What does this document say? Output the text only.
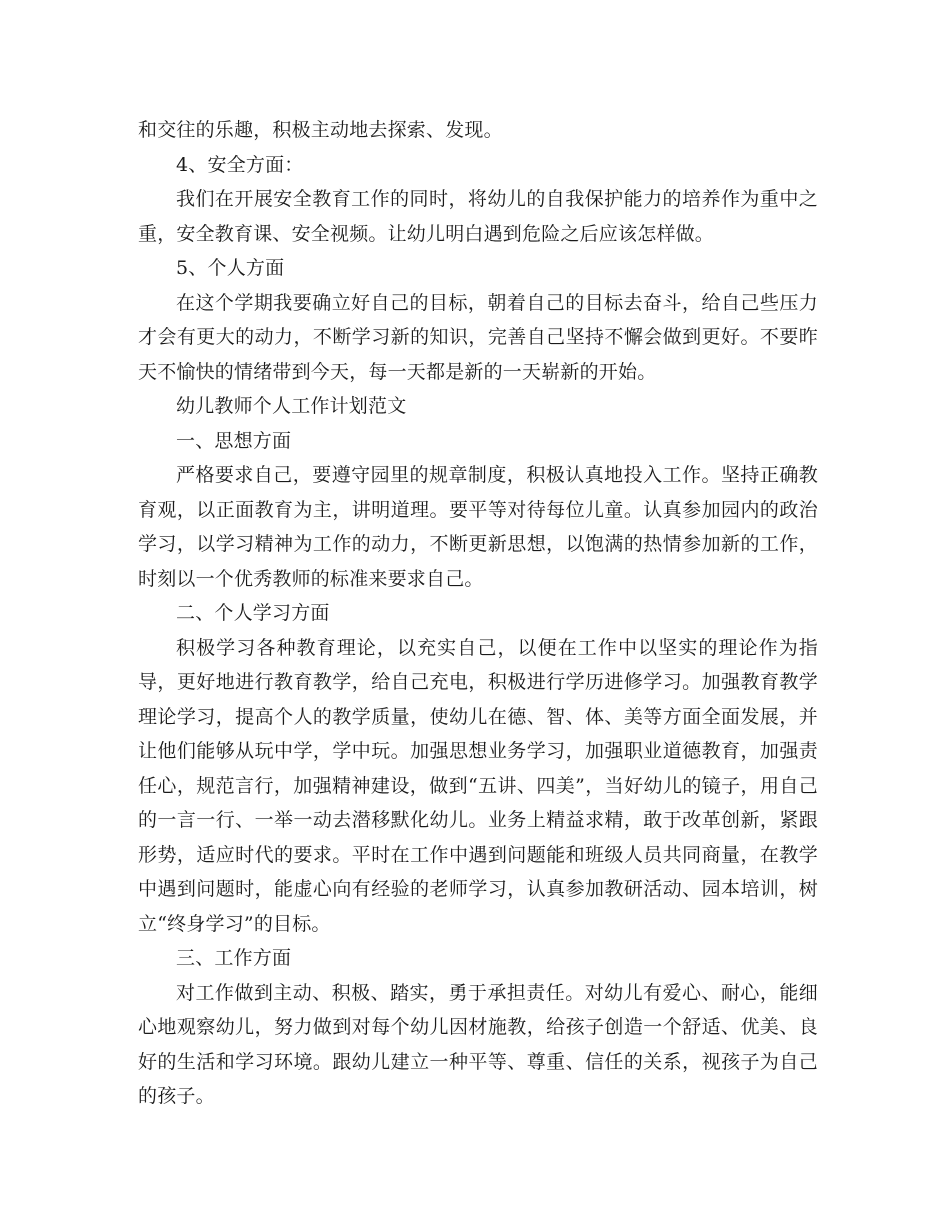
和交往的乐趣，积极主动地去探索、发现。

4、安全方面：

我们在开展安全教育工作的同时，将幼儿的自我保护能力的培养作为重中之重，安全教育课、安全视频。让幼儿明白遇到危险之后应该怎样做。

5、个人方面

在这个学期我要确立好自己的目标，朝着自己的目标去奋斗，给自己些压力才会有更大的动力，不断学习新的知识，完善自己坚持不懈会做到更好。不要昨天不愉快的情绪带到今天，每一天都是新的一天崭新的开始。

幼儿教师个人工作计划范文

一、思想方面

严格要求自己，要遵守园里的规章制度，积极认真地投入工作。坚持正确教育观，以正面教育为主，讲明道理。要平等对待每位儿童。认真参加园内的政治学习，以学习精神为工作的动力，不断更新思想，以饱满的热情参加新的工作，时刻以一个优秀教师的标准来要求自己。

二、个人学习方面

积极学习各种教育理论，以充实自己，以便在工作中以坚实的理论作为指导，更好地进行教育教学，给自己充电，积极进行学历进修学习。加强教育教学理论学习，提高个人的教学质量，使幼儿在德、智、体、美等方面全面发展，并让他们能够从玩中学，学中玩。加强思想业务学习，加强职业道德教育，加强责任心，规范言行，加强精神建设，做到“五讲、四美”，当好幼儿的镜子，用自己的一言一行、一举一动去潜移默化幼儿。业务上精益求精，敢于改革创新，紧跟形势，适应时代的要求。平时在工作中遇到问题能和班级人员共同商量，在教学中遇到问题时，能虚心向有经验的老师学习，认真参加教研活动、园本培训，树立“终身学习”的目标。

三、工作方面

对工作做到主动、积极、踏实，勇于承担责任。对幼儿有爱心、耐心，能细心地观察幼儿，努力做到对每个幼儿因材施教，给孩子创造一个舒适、优美、良好的生活和学习环境。跟幼儿建立一种平等、尊重、信任的关系，视孩子为自己的孩子。
